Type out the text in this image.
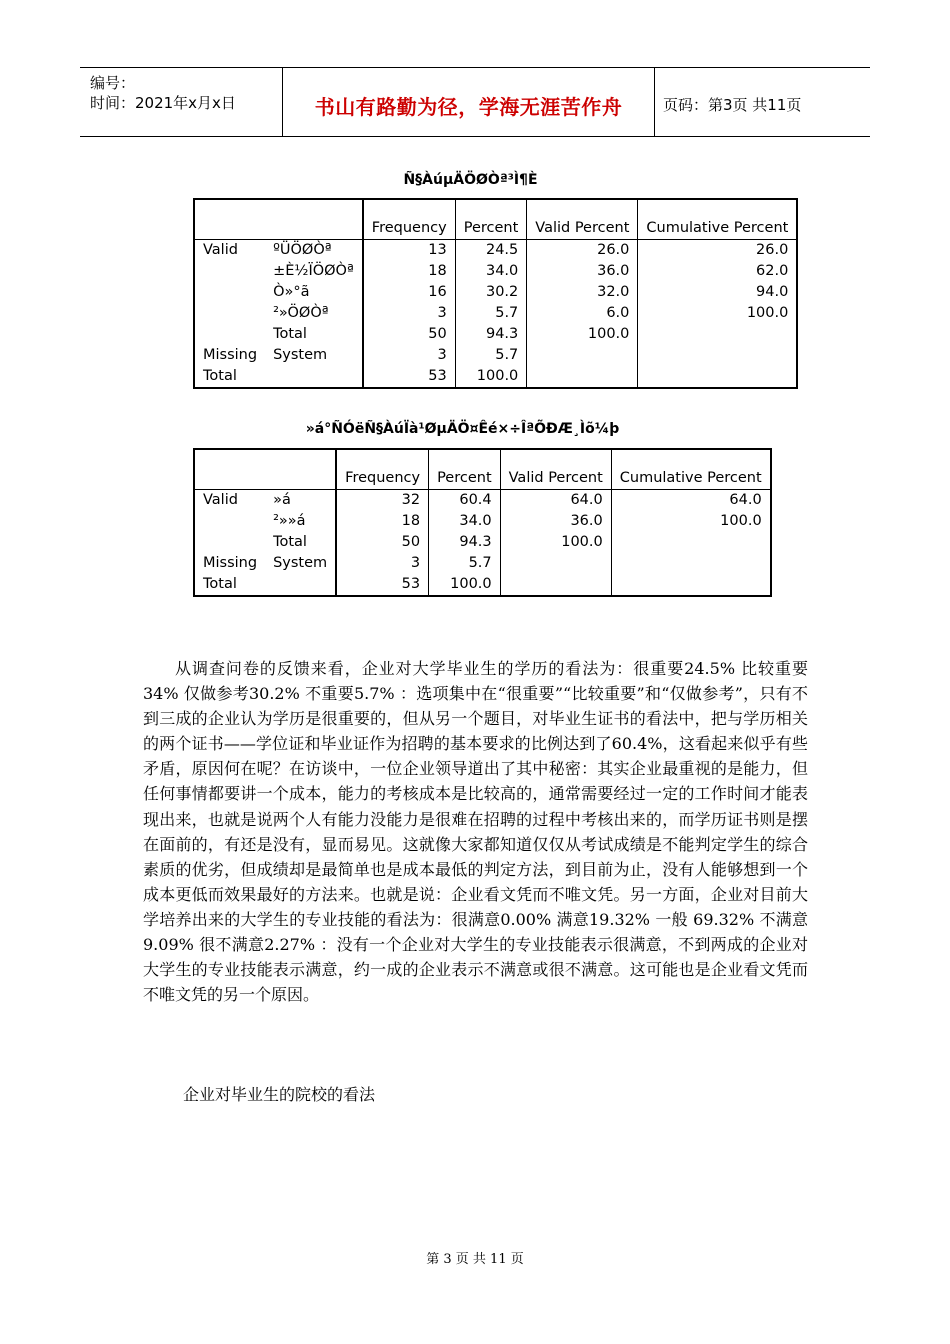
编号：
时间：2021年x月x日	书山有路勤为径，学海无涯苦作舟	页码：第3页 共11页
Ñ§ÀúµÄÖØÒª³Ì¶È
		Frequency	Percent	Valid Percent	Cumulative Percent
Valid	ºÜÖØÒª	13	24.5	26.0	26.0
	±È½ÏÖØÒª	18	34.0	36.0	62.0
	Ò»°ã	16	30.2	32.0	94.0
	²»ÖØÒª	3	5.7	6.0	100.0
	Total	50	94.3	100.0	
Missing	System	3	5.7		
Total		53	100.0		
»á°ÑÓëÑ§ÀúÏà¹ØµÄÖ¤Êé×÷ÎªÕÐÆ¸Ìõ¼þ
		Frequency	Percent	Valid Percent	Cumulative Percent
Valid	»á	32	60.4	64.0	64.0
	²»»á	18	34.0	36.0	100.0
	Total	50	94.3	100.0	
Missing	System	3	5.7		
Total		53	100.0		

从调查问卷的反馈来看，企业对大学毕业生的学历的看法为：很重要24.5% 比较重要34% 仅做参考30.2% 不重要5.7% ：选项集中在“很重要”“比较重要”和“仅做参考”，只有不到三成的企业认为学历是很重要的，但从另一个题目，对毕业生证书的看法中，把与学历相关的两个证书——学位证和毕业证作为招聘的基本要求的比例达到了60.4%，这看起来似乎有些矛盾，原因何在呢？在访谈中，一位企业领导道出了其中秘密：其实企业最重视的是能力，但任何事情都要讲一个成本，能力的考核成本是比较高的，通常需要经过一定的工作时间才能表现出来，也就是说两个人有能力没能力是很难在招聘的过程中考核出来的，而学历证书则是摆在面前的，有还是没有，显而易见。这就像大家都知道仅仅从考试成绩是不能判定学生的综合素质的优劣，但成绩却是最简单也是成本最低的判定方法，到目前为止，没有人能够想到一个成本更低而效果最好的方法来。也就是说：企业看文凭而不唯文凭。另一方面，企业对目前大学培养出来的大学生的专业技能的看法为：很满意0.00% 满意19.32% 一般 69.32% 不满意9.09% 很不满意2.27% ：没有一个企业对大学生的专业技能表示很满意，不到两成的企业对大学生的专业技能表示满意，约一成的企业表示不满意或很不满意。这可能也是企业看文凭而不唯文凭的另一个原因。

企业对毕业生的院校的看法
第 3 页 共 11 页
